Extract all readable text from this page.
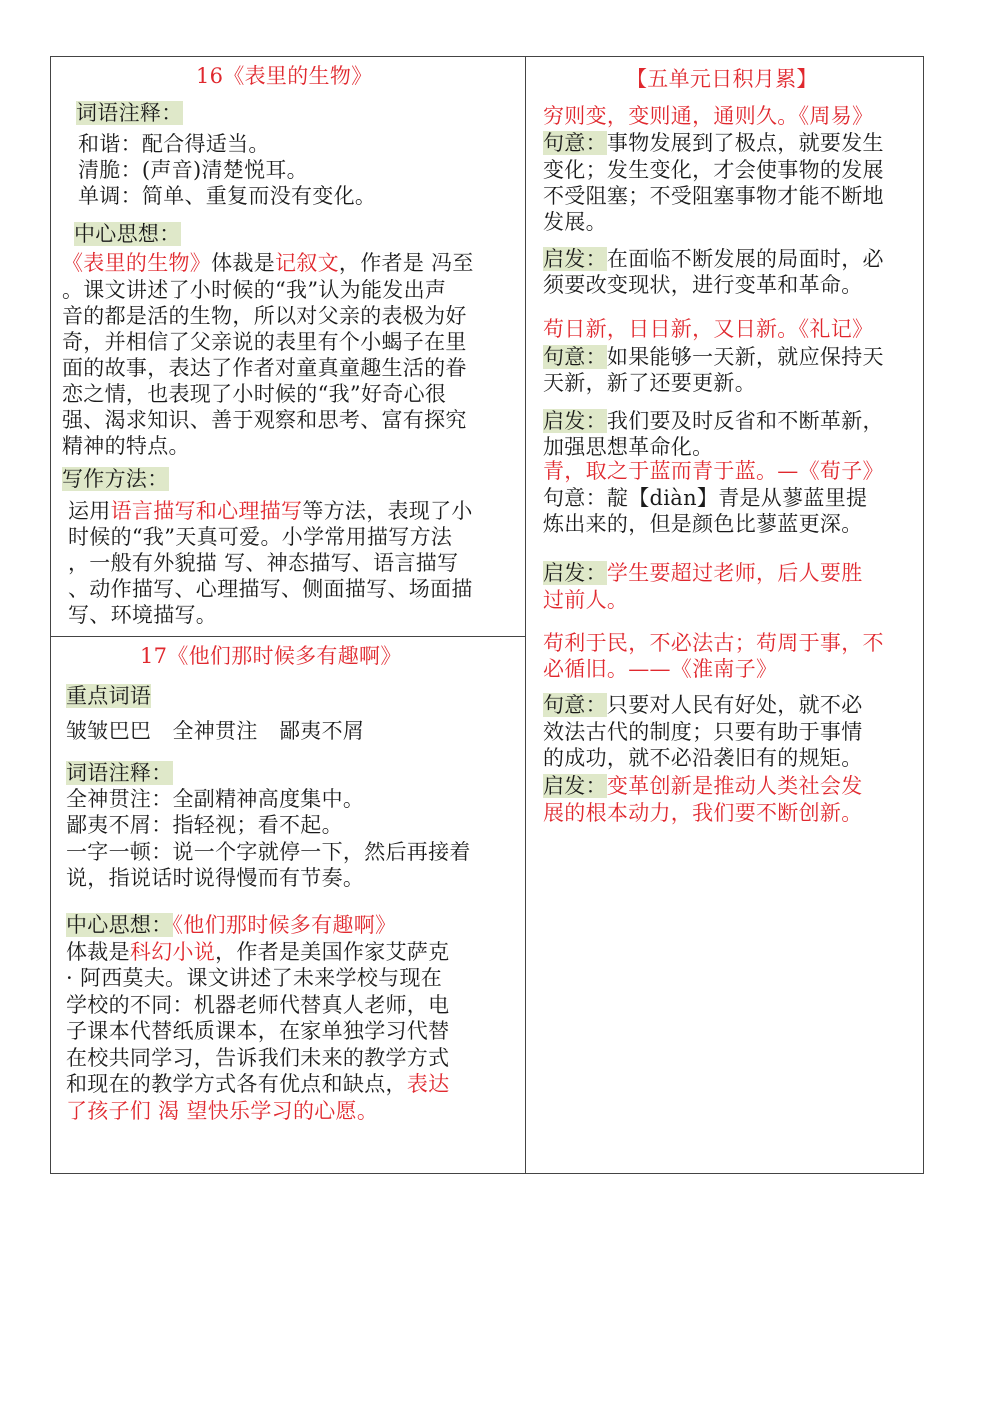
16《表里的生物》
词语注释：
和谐：配合得适当。
清脆：(声音)清楚悦耳。
单调：简单、重复而没有变化。
中心思想：
《表里的生物》体裁是记叙文，作者是 冯至
。课文讲述了小时候的“我”认为能发出声
音的都是活的生物，所以对父亲的表极为好
奇，并相信了父亲说的表里有个小蝎子在里
面的故事，表达了作者对童真童趣生活的眷
恋之情，也表现了小时候的“我”好奇心很
强、渴求知识、善于观察和思考、富有探究
精神的特点。
写作方法：
运用语言描写和心理描写等方法，表现了小
时候的“我”天真可爱。小学常用描写方法
，一般有外貌描 写、神态描写、语言描写
、动作描写、心理描写、侧面描写、场面描
写、环境描写。
17《他们那时候多有趣啊》
重点词语
皱皱巴巴　全神贯注　鄙夷不屑
词语注释：
全神贯注：全副精神高度集中。
鄙夷不屑：指轻视；看不起。
一字一顿：说一个字就停一下，然后再接着
说，指说话时说得慢而有节奏。
中心思想：《他们那时候多有趣啊》
体裁是科幻小说，作者是美国作家艾萨克
· 阿西莫夫。课文讲述了未来学校与现在
学校的不同：机器老师代替真人老师，电
子课本代替纸质课本，在家单独学习代替
在校共同学习，告诉我们未来的教学方式
和现在的教学方式各有优点和缺点，表达
了孩子们 渴 望快乐学习的心愿。
【五单元日积月累】
穷则变，变则通，通则久。《周易》
句意：事物发展到了极点，就要发生
变化；发生变化，才会使事物的发展
不受阻塞；不受阻塞事物才能不断地
发展。
启发：在面临不断发展的局面时，必
须要改变现状，进行变革和革命。
苟日新，日日新，又日新。《礼记》
句意：如果能够一天新，就应保持天
天新，新了还要更新。
启发：我们要及时反省和不断革新，
加强思想革命化。
青，取之于蓝而青于蓝。—《荀子》
句意：靛【diàn】青是从蓼蓝里提
炼出来的，但是颜色比蓼蓝更深。
启发：学生要超过老师，后人要胜
过前人。
苟利于民，不必法古；苟周于事，不
必循旧。——《淮南子》
句意：只要对人民有好处，就不必
效法古代的制度；只要有助于事情
的成功，就不必沿袭旧有的规矩。
启发：变革创新是推动人类社会发
展的根本动力，我们要不断创新。
